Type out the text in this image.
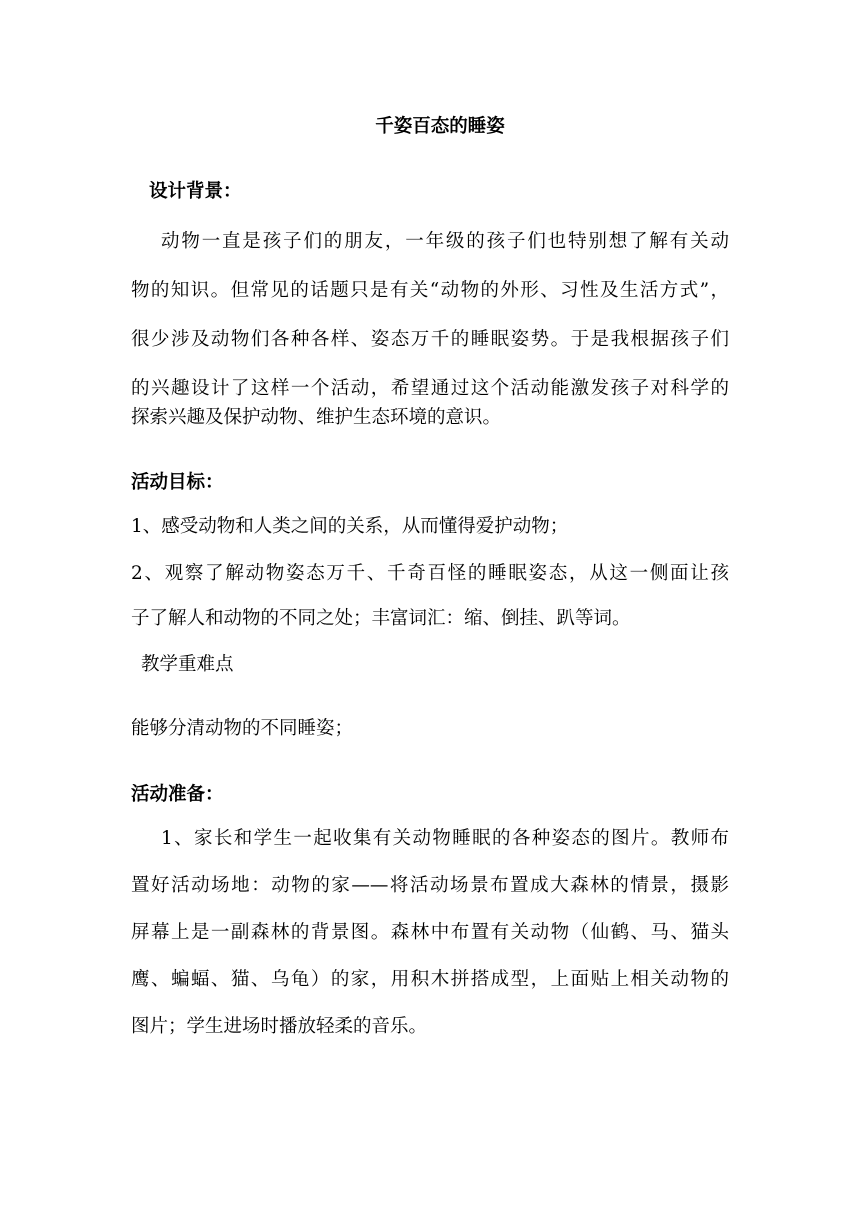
千姿百态的睡姿
设计背景：
动物一直是孩子们的朋友，一年级的孩子们也特别想了解有关动
物的知识。但常见的话题只是有关“动物的外形、习性及生活方式”，
很少涉及动物们各种各样、姿态万千的睡眠姿势。于是我根据孩子们
的兴趣设计了这样一个活动，希望通过这个活动能激发孩子对科学的
探索兴趣及保护动物、维护生态环境的意识。
活动目标：
1、感受动物和人类之间的关系，从而懂得爱护动物；
2、观察了解动物姿态万千、千奇百怪的睡眠姿态，从这一侧面让孩
子了解人和动物的不同之处；丰富词汇：缩、倒挂、趴等词。
教学重难点
能够分清动物的不同睡姿；
活动准备：
1、家长和学生一起收集有关动物睡眠的各种姿态的图片。教师布
置好活动场地：动物的家——将活动场景布置成大森林的情景，摄影
屏幕上是一副森林的背景图。森林中布置有关动物（仙鹤、马、猫头
鹰、蝙蝠、猫、乌龟）的家，用积木拼搭成型，上面贴上相关动物的
图片；学生进场时播放轻柔的音乐。
